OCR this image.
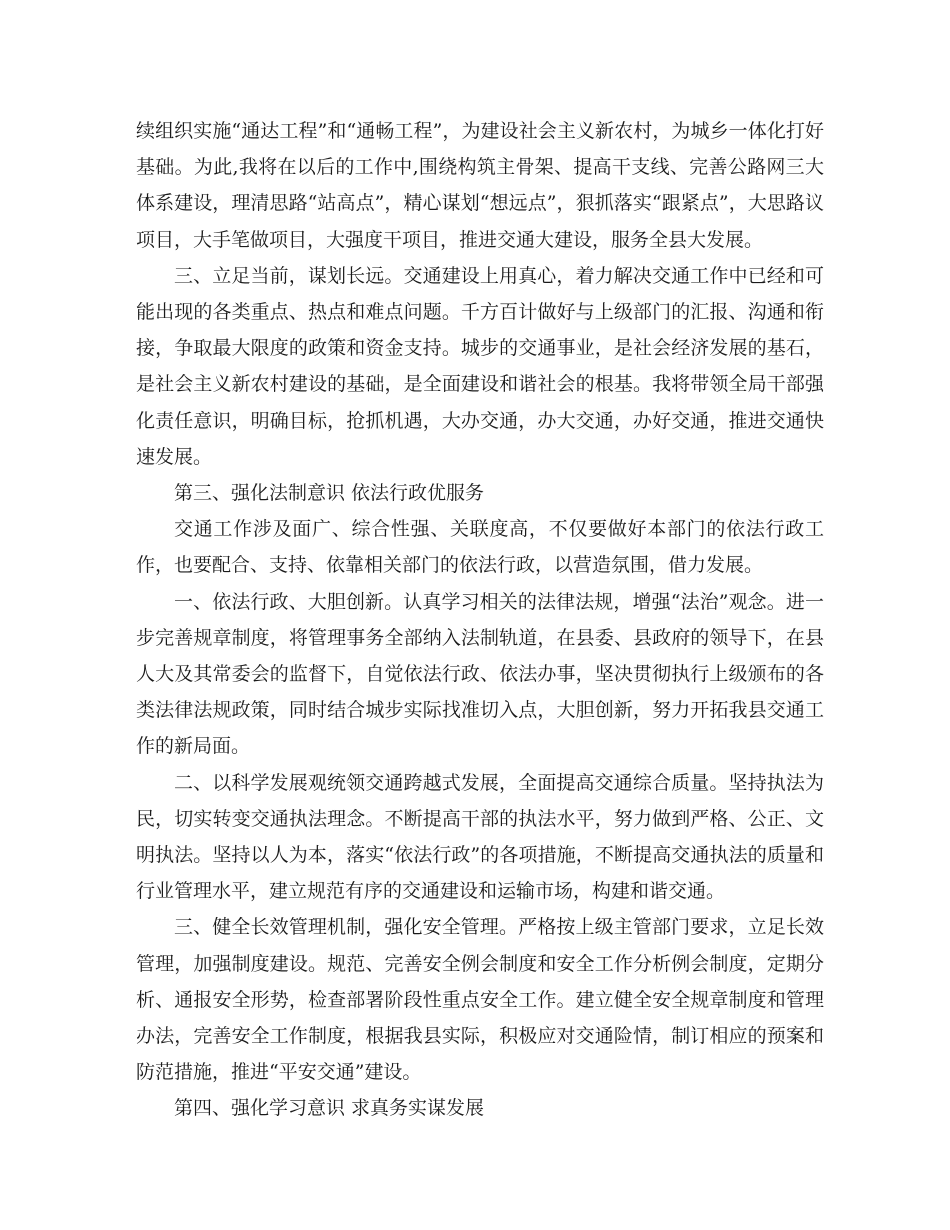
续组织实施“通达工程”和“通畅工程”，为建设社会主义新农村，为城乡一体化打好基础。为此,我将在以后的工作中,围绕构筑主骨架、提高干支线、完善公路网三大体系建设，理清思路“站高点”，精心谋划“想远点”，狠抓落实“跟紧点”，大思路议项目，大手笔做项目，大强度干项目，推进交通大建设，服务全县大发展。

三、立足当前，谋划长远。交通建设上用真心，着力解决交通工作中已经和可能出现的各类重点、热点和难点问题。千方百计做好与上级部门的汇报、沟通和衔接，争取最大限度的政策和资金支持。城步的交通事业，是社会经济发展的基石，是社会主义新农村建设的基础，是全面建设和谐社会的根基。我将带领全局干部强化责任意识，明确目标，抢抓机遇，大办交通，办大交通，办好交通，推进交通快速发展。

第三、强化法制意识 依法行政优服务

交通工作涉及面广、综合性强、关联度高，不仅要做好本部门的依法行政工作，也要配合、支持、依靠相关部门的依法行政，以营造氛围，借力发展。

一、依法行政、大胆创新。认真学习相关的法律法规，增强“法治”观念。进一步完善规章制度，将管理事务全部纳入法制轨道，在县委、县政府的领导下，在县人大及其常委会的监督下，自觉依法行政、依法办事，坚决贯彻执行上级颁布的各类法律法规政策，同时结合城步实际找准切入点，大胆创新，努力开拓我县交通工作的新局面。

二、以科学发展观统领交通跨越式发展，全面提高交通综合质量。坚持执法为民，切实转变交通执法理念。不断提高干部的执法水平，努力做到严格、公正、文明执法。坚持以人为本，落实“依法行政”的各项措施，不断提高交通执法的质量和行业管理水平，建立规范有序的交通建设和运输市场，构建和谐交通。

三、健全长效管理机制，强化安全管理。严格按上级主管部门要求，立足长效管理，加强制度建设。规范、完善安全例会制度和安全工作分析例会制度，定期分析、通报安全形势，检查部署阶段性重点安全工作。建立健全安全规章制度和管理办法，完善安全工作制度，根据我县实际，积极应对交通险情，制订相应的预案和防范措施，推进“平安交通”建设。

第四、强化学习意识 求真务实谋发展
